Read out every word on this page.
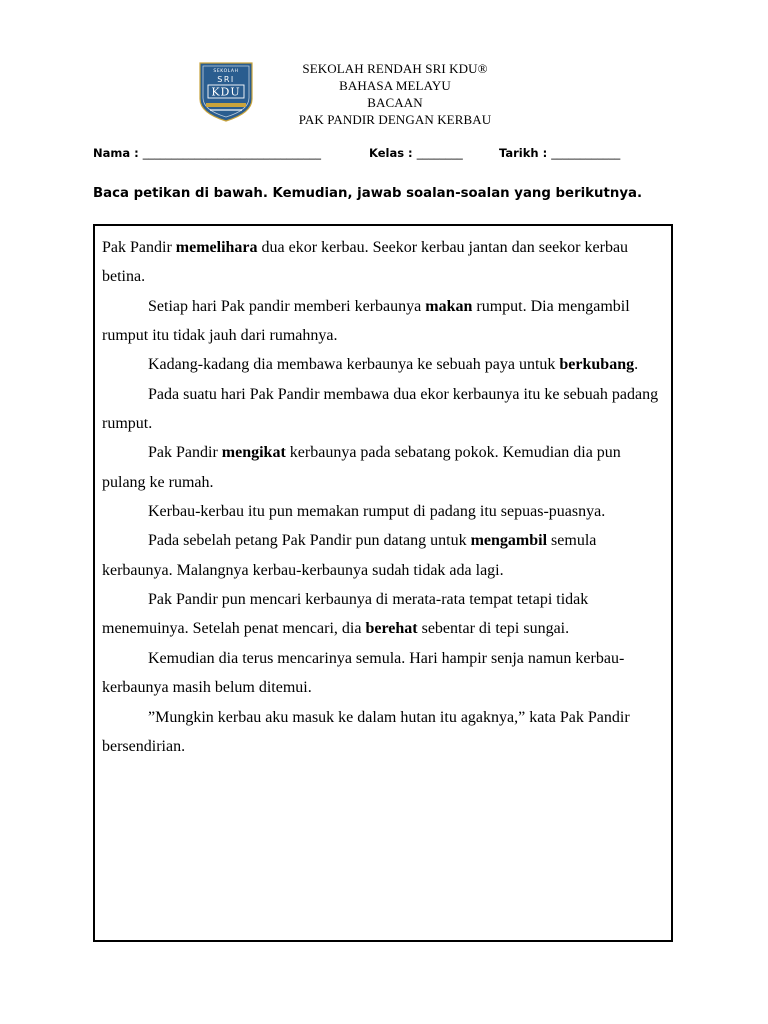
SEKOLAH
SRI
KDU
SEKOLAH RENDAH SRI KDU®
BAHASA MELAYU
BACAAN
PAK PANDIR DENGAN KERBAU
Nama : _______________________________	Kelas : ________	Tarikh : ____________
Baca petikan di bawah. Kemudian, jawab soalan-soalan yang berikutnya.

Pak Pandir memelihara dua ekor kerbau. Seekor kerbau jantan dan seekor kerbau betina.

Setiap hari Pak pandir memberi kerbaunya makan rumput. Dia mengambil rumput itu tidak jauh dari rumahnya.

Kadang-kadang dia membawa kerbaunya ke sebuah paya untuk berkubang.

Pada suatu hari Pak Pandir membawa dua ekor kerbaunya itu ke sebuah padang rumput.

Pak Pandir mengikat kerbaunya pada sebatang pokok. Kemudian dia pun pulang ke rumah.

Kerbau-kerbau itu pun memakan rumput di padang itu sepuas-puasnya.

Pada sebelah petang Pak Pandir pun datang untuk mengambil semula kerbaunya. Malangnya kerbau-kerbaunya sudah tidak ada lagi.

Pak Pandir pun mencari kerbaunya di merata-rata tempat tetapi tidak menemuinya. Setelah penat mencari, dia berehat sebentar di tepi sungai.

Kemudian dia terus mencarinya semula. Hari hampir senja namun kerbau-kerbaunya masih belum ditemui.

”Mungkin kerbau aku masuk ke dalam hutan itu agaknya,” kata Pak Pandir bersendirian.
